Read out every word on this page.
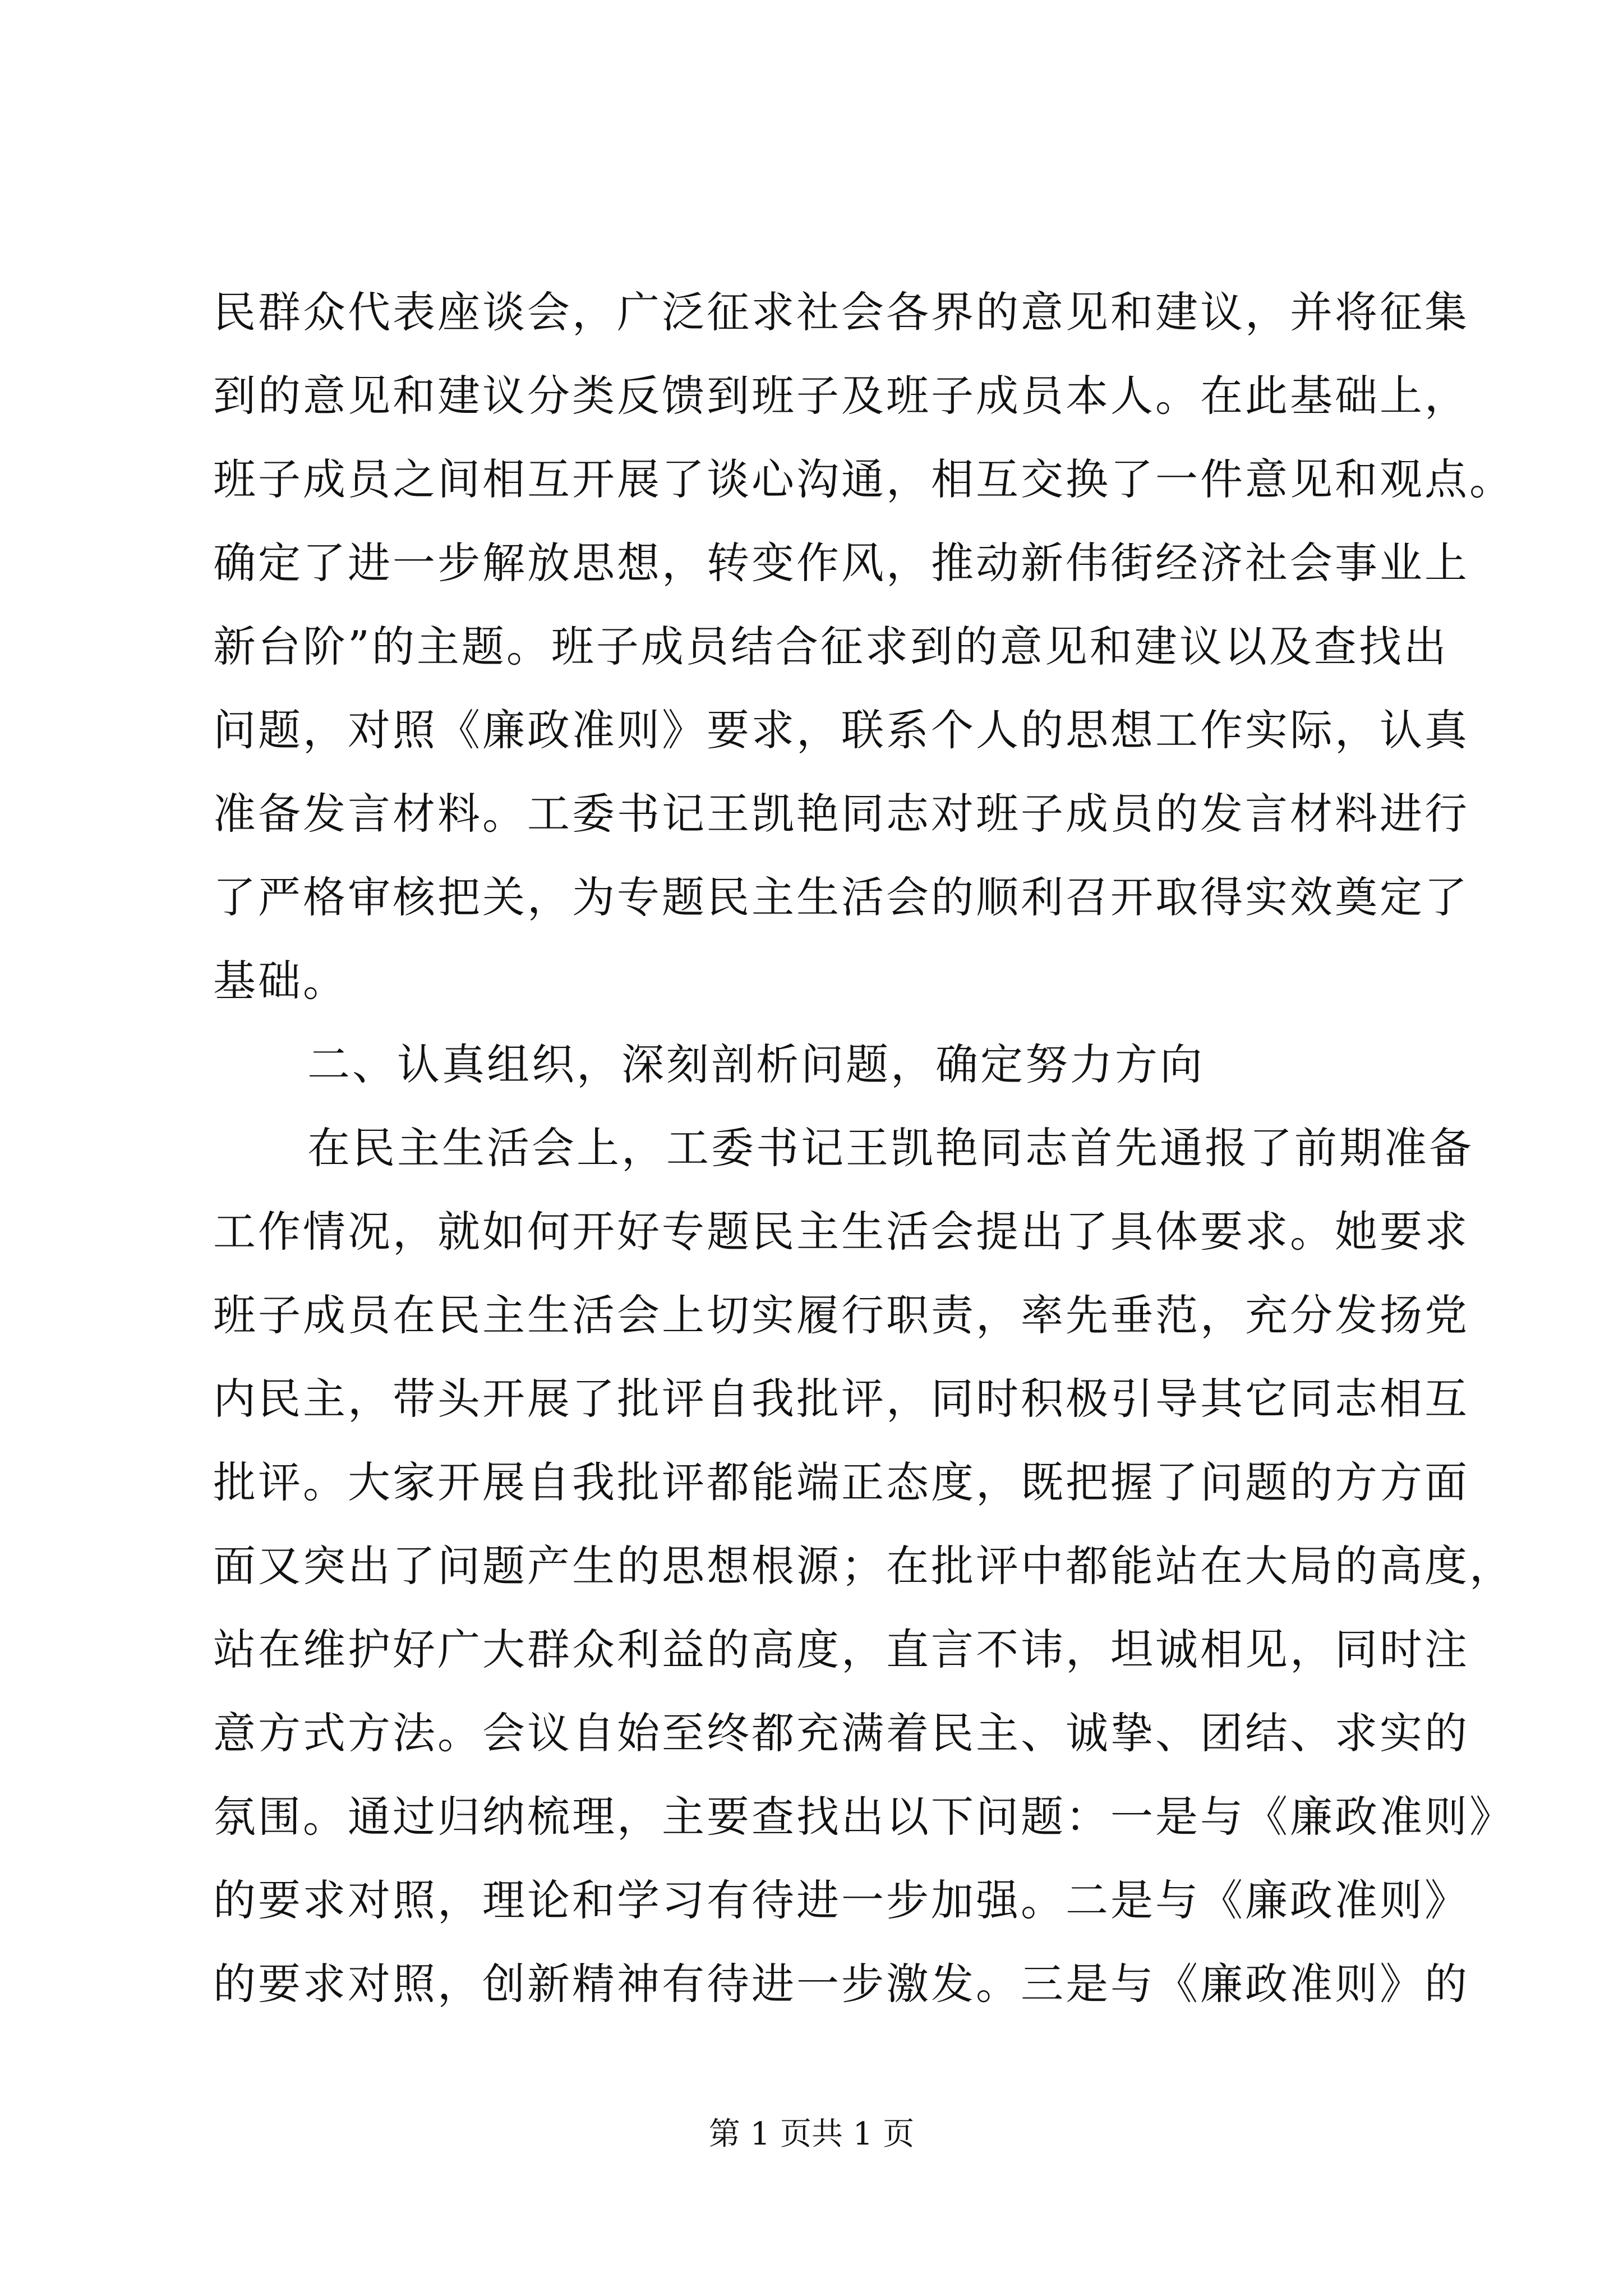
民群众代表座谈会，广泛征求社会各界的意见和建议，并将征集
到的意见和建议分类反馈到班子及班子成员本人。在此基础上，
班子成员之间相互开展了谈心沟通，相互交换了一件意见和观点。
确定了进一步解放思想，转变作风，推动新伟街经济社会事业上
新台阶”的主题。班子成员结合征求到的意见和建议以及查找出
问题，对照《廉政准则》要求，联系个人的思想工作实际，认真
准备发言材料。工委书记王凯艳同志对班子成员的发言材料进行
了严格审核把关，为专题民主生活会的顺利召开取得实效奠定了
基础。
二、认真组织，深刻剖析问题，确定努力方向
在民主生活会上，工委书记王凯艳同志首先通报了前期准备
工作情况，就如何开好专题民主生活会提出了具体要求。她要求
班子成员在民主生活会上切实履行职责，率先垂范，充分发扬党
内民主，带头开展了批评自我批评，同时积极引导其它同志相互
批评。大家开展自我批评都能端正态度，既把握了问题的方方面
面又突出了问题产生的思想根源；在批评中都能站在大局的高度，
站在维护好广大群众利益的高度，直言不讳，坦诚相见，同时注
意方式方法。会议自始至终都充满着民主、诚挚、团结、求实的
氛围。通过归纳梳理，主要查找出以下问题：一是与《廉政准则》
的要求对照，理论和学习有待进一步加强。二是与《廉政准则》
的要求对照，创新精神有待进一步激发。三是与《廉政准则》的
第 1 页共 1 页
